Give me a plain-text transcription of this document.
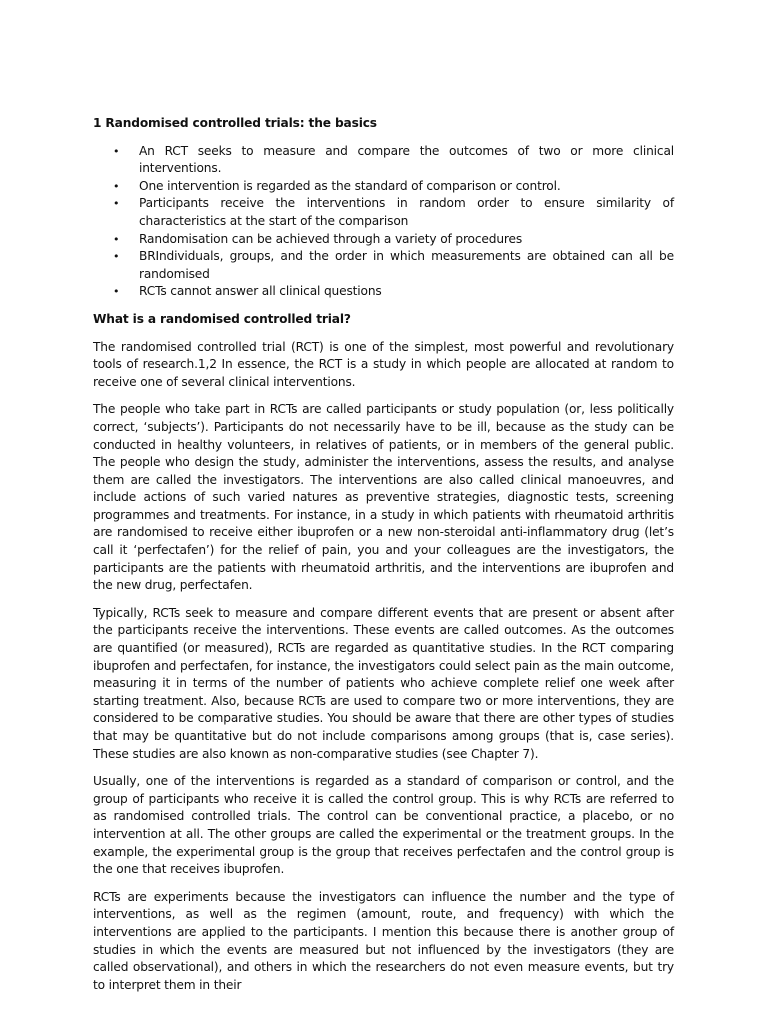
1 Randomised controlled trials: the basics

• An RCT seeks to measure and compare the outcomes of two or more clinical interventions.
• One intervention is regarded as the standard of comparison or control.
• Participants receive the interventions in random order to ensure similarity of characteristics at the start of the comparison
• Randomisation can be achieved through a variety of procedures
• BRIndividuals, groups, and the order in which measurements are obtained can all be randomised
• RCTs cannot answer all clinical questions

What is a randomised controlled trial?

The randomised controlled trial (RCT) is one of the simplest, most powerful and revolutionary tools of research.1,2 In essence, the RCT is a study in which people are allocated at random to receive one of several clinical interventions.

The people who take part in RCTs are called participants or study population (or, less politically correct, ‘subjects’). Participants do not necessarily have to be ill, because as the study can be conducted in healthy volunteers, in relatives of patients, or in members of the general public. The people who design the study, administer the interventions, assess the results, and analyse them are called the investigators. The interventions are also called clinical manoeuvres, and include actions of such varied natures as preventive strategies, diagnostic tests, screening programmes and treatments. For instance, in a study in which patients with rheumatoid arthritis are randomised to receive either ibuprofen or a new non-steroidal anti-inflammatory drug (let’s call it ‘perfectafen’) for the relief of pain, you and your colleagues are the investigators, the participants are the patients with rheumatoid arthritis, and the interventions are ibuprofen and the new drug, perfectafen.

Typically, RCTs seek to measure and compare different events that are present or absent after the participants receive the interventions. These events are called outcomes. As the outcomes are quantified (or measured), RCTs are regarded as quantitative studies. In the RCT comparing ibuprofen and perfectafen, for instance, the investigators could select pain as the main outcome, measuring it in terms of the number of patients who achieve complete relief one week after starting treatment. Also, because RCTs are used to compare two or more interventions, they are considered to be comparative studies. You should be aware that there are other types of studies that may be quantitative but do not include comparisons among groups (that is, case series). These studies are also known as non-comparative studies (see Chapter 7).

Usually, one of the interventions is regarded as a standard of comparison or control, and the group of participants who receive it is called the control group. This is why RCTs are referred to as randomised controlled trials. The control can be conventional practice, a placebo, or no intervention at all. The other groups are called the experimental or the treatment groups. In the example, the experimental group is the group that receives perfectafen and the control group is the one that receives ibuprofen.

RCTs are experiments because the investigators can influence the number and the type of interventions, as well as the regimen (amount, route, and frequency) with which the interventions are applied to the participants. I mention this because there is another group of studies in which the events are measured but not influenced by the investigators (they are called observational), and others in which the researchers do not even measure events, but try to interpret them in their
